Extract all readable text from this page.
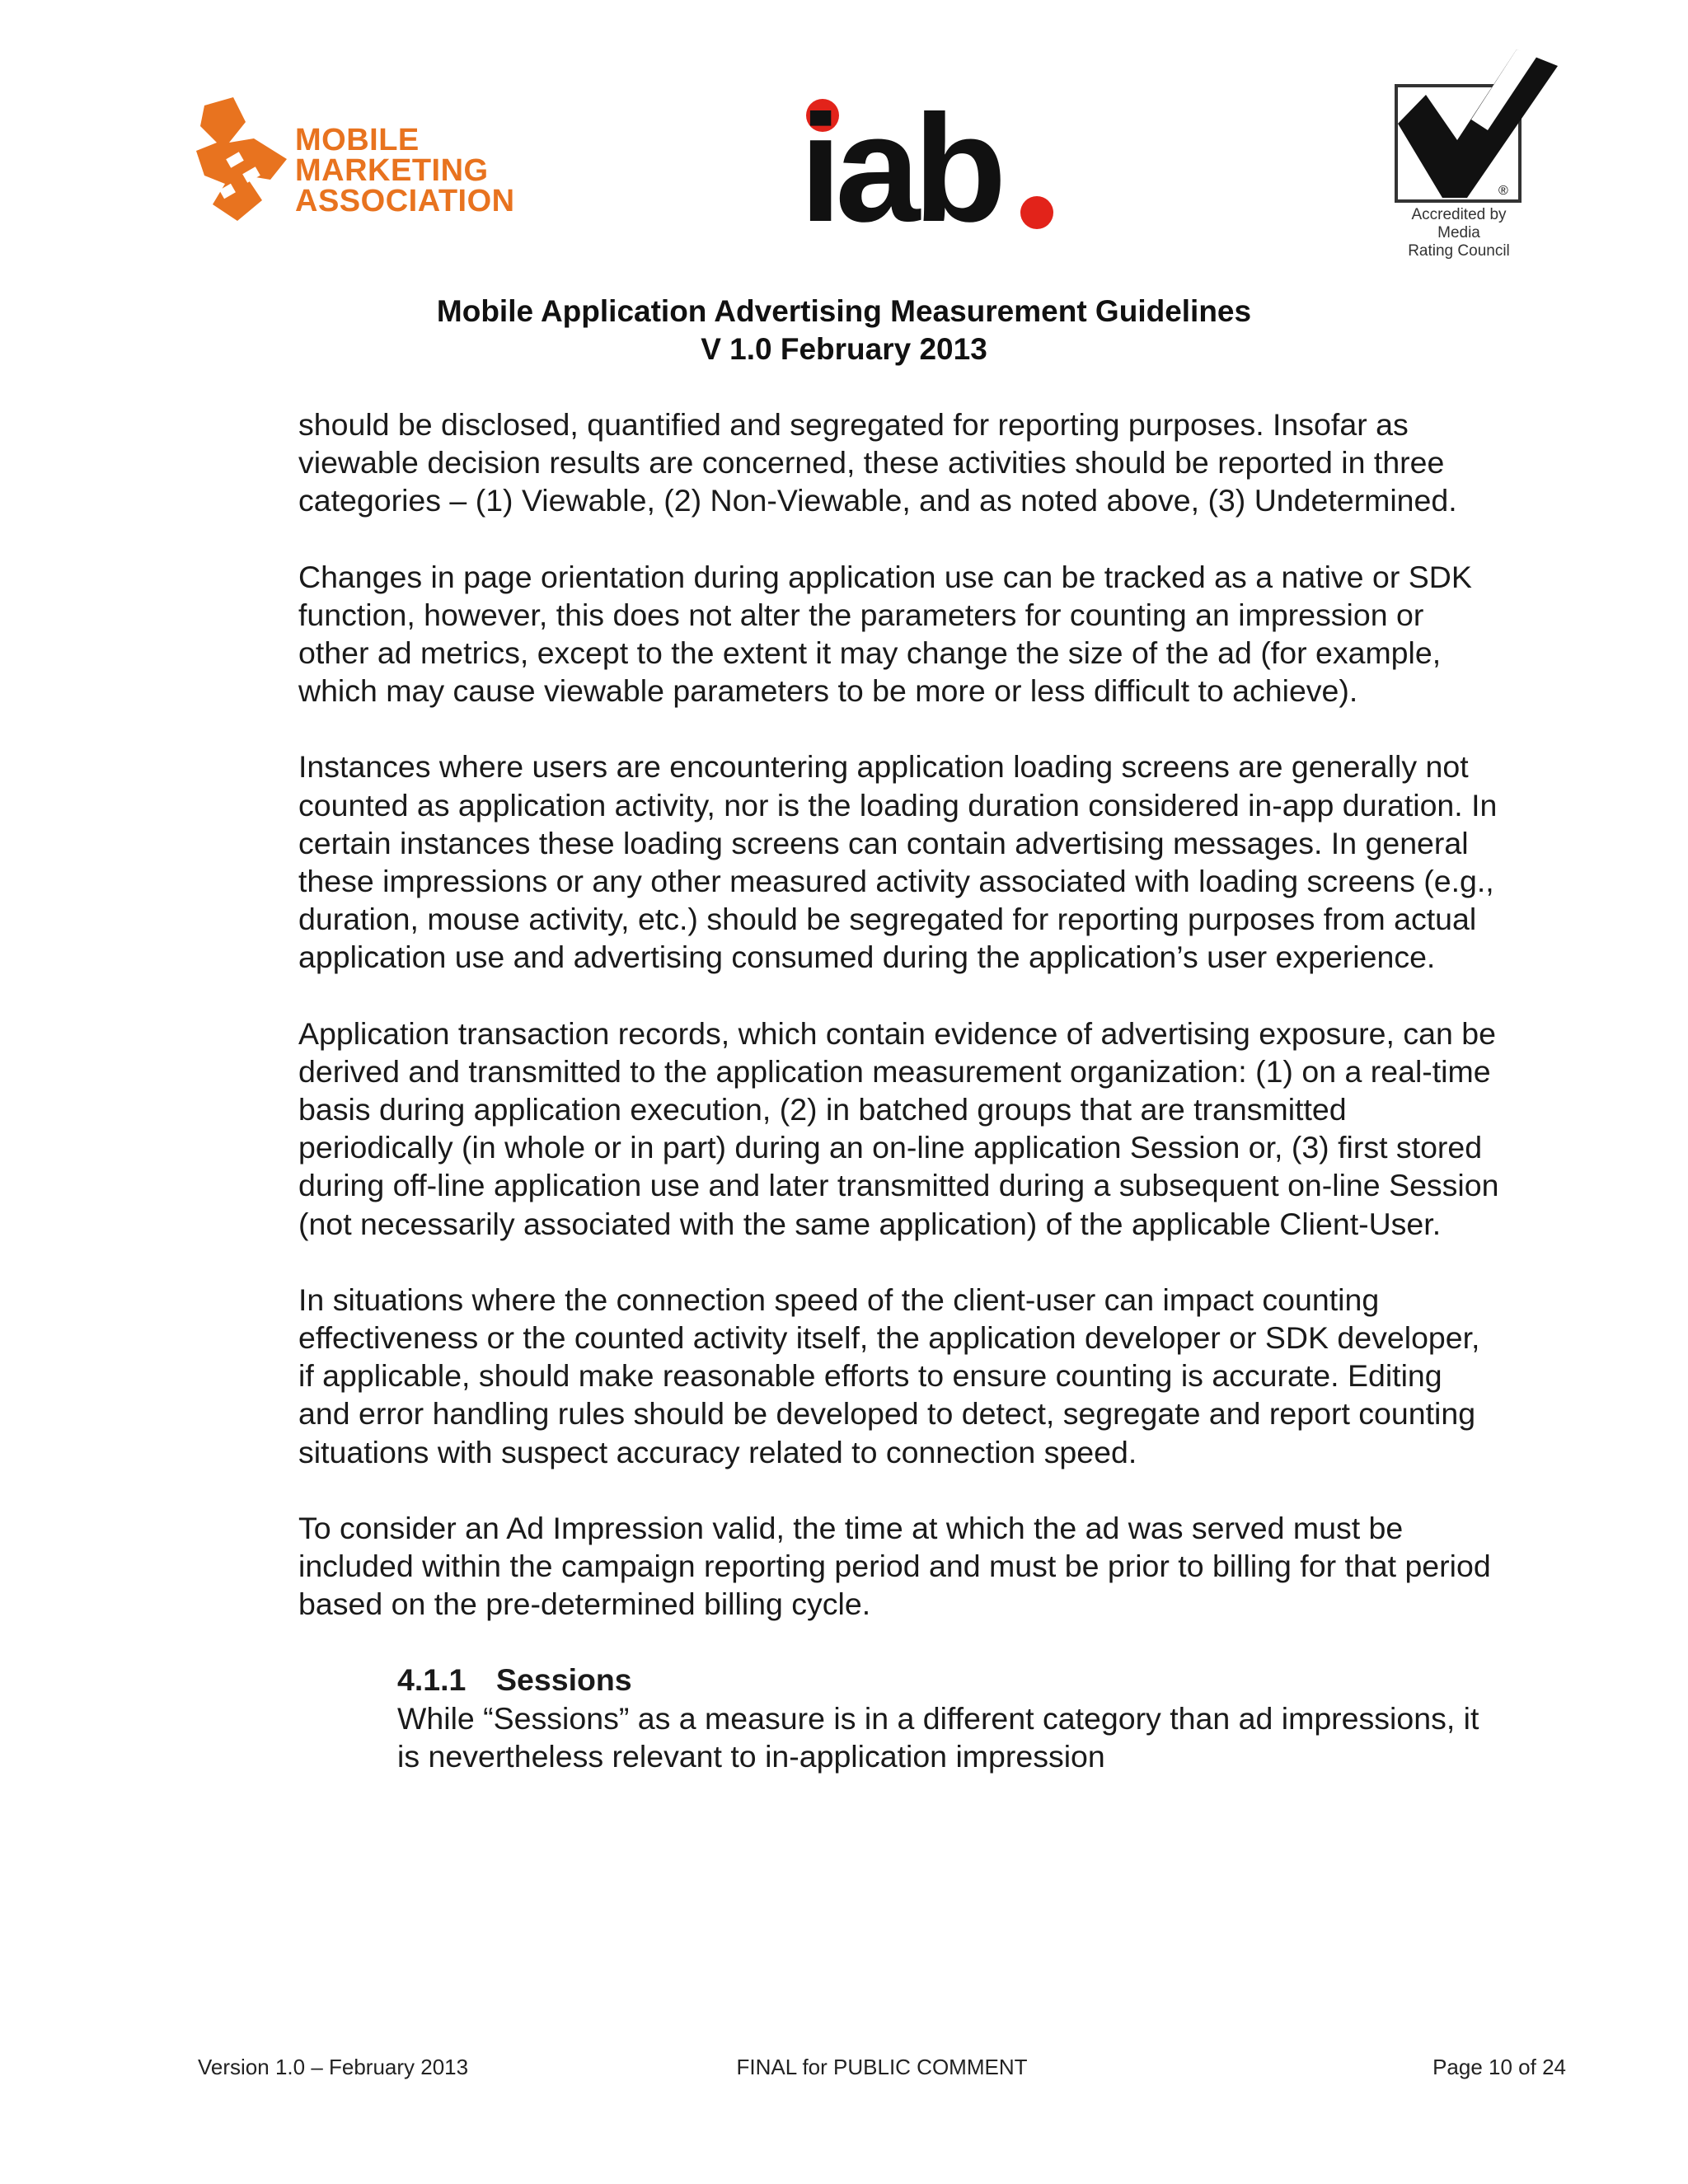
MOBILE
MARKETING
ASSOCIATION iab	®
Accredited by
Media
Rating Council
Mobile Application Advertising Measurement Guidelines
V 1.0 February 2013

should be disclosed, quantified and segregated for reporting purposes. Insofar as viewable decision results are concerned, these activities should be reported in three categories – (1) Viewable, (2) Non-Viewable, and as noted above, (3) Undetermined.

Changes in page orientation during application use can be tracked as a native or SDK function, however, this does not alter the parameters for counting an impression or other ad metrics, except to the extent it may change the size of the ad (for example, which may cause viewable parameters to be more or less difficult to achieve).

Instances where users are encountering application loading screens are generally not counted as application activity, nor is the loading duration considered in-app duration. In certain instances these loading screens can contain advertising messages. In general these impressions or any other measured activity associated with loading screens (e.g., duration, mouse activity, etc.) should be segregated for reporting purposes from actual application use and advertising consumed during the application’s user experience.

Application transaction records, which contain evidence of advertising exposure, can be derived and transmitted to the application measurement organization: (1) on a real-time basis during application execution, (2) in batched groups that are transmitted periodically (in whole or in part) during an on-line application Session or, (3) first stored during off-line application use and later transmitted during a subsequent on-line Session (not necessarily associated with the same application) of the applicable Client-User.

In situations where the connection speed of the client-user can impact counting effectiveness or the counted activity itself, the application developer or SDK developer, if applicable, should make reasonable efforts to ensure counting is accurate. Editing and error handling rules should be developed to detect, segregate and report counting situations with suspect accuracy related to connection speed.

To consider an Ad Impression valid, the time at which the ad was served must be included within the campaign reporting period and must be prior to billing for that period based on the pre-determined billing cycle.

4.1.1 Sessions

While “Sessions” as a measure is in a different category than ad impressions, it is nevertheless relevant to in-application impression

Version 1.0 – February 2013	FINAL for PUBLIC COMMENT	Page 10 of 24
